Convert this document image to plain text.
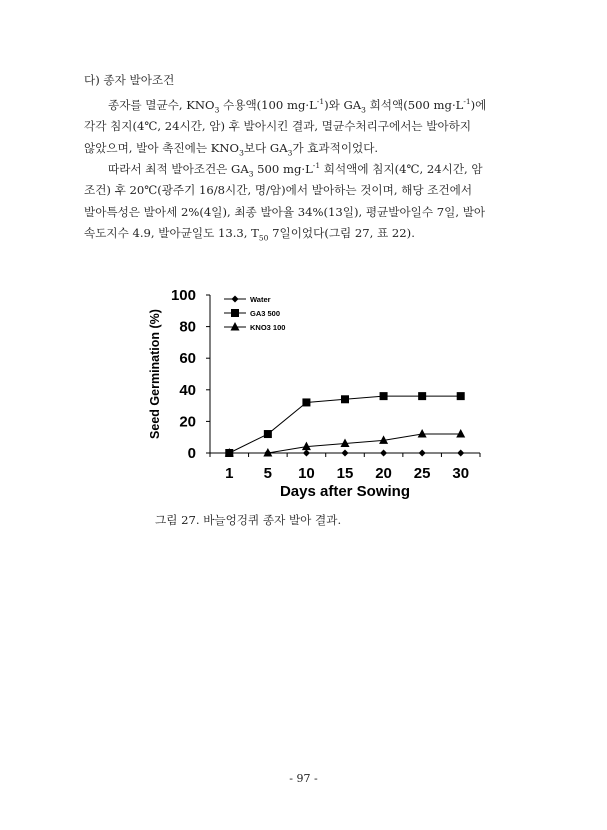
다) 종자 발아조건
종자를 멸균수, $KNO_3$ 수용액(100 $mg\cdot L^{-1}$)와 $GA_3$ 희석액(500 $mg\cdot L^{-1}$)에
각각 침지(4℃, 24시간, 암) 후 발아시킨 결과, 멸균수처리구에서는 발아하지
않았으며, 발아 촉진에는 $KNO_3$보다 $GA_3$가 효과적이었다.
따라서 최적 발아조건은 $GA_3$ 500 $mg\cdot L^{-1}$ 희석액에 침지(4℃, 24시간, 암
조건) 후 20℃(광주기 16/8시간, 명/암)에서 발아하는 것이며, 해당 조건에서
발아특성은 발아세 2%(4일), 최종 발아율 34%(13일), 평균발아일수 7일, 발아
속도지수 4.9, 발아균일도 13.3, $T_{50}$ 7일이었다(그림 27, 표 22).
0
20
40
60
80
100
1 5 10 15 20 25 30
Days after Sowing
Seed Germination (%)
Water
GA3 500
KNO3 100
그림 27. 바늘엉겅퀴 종자 발아 결과.
- 97 -
